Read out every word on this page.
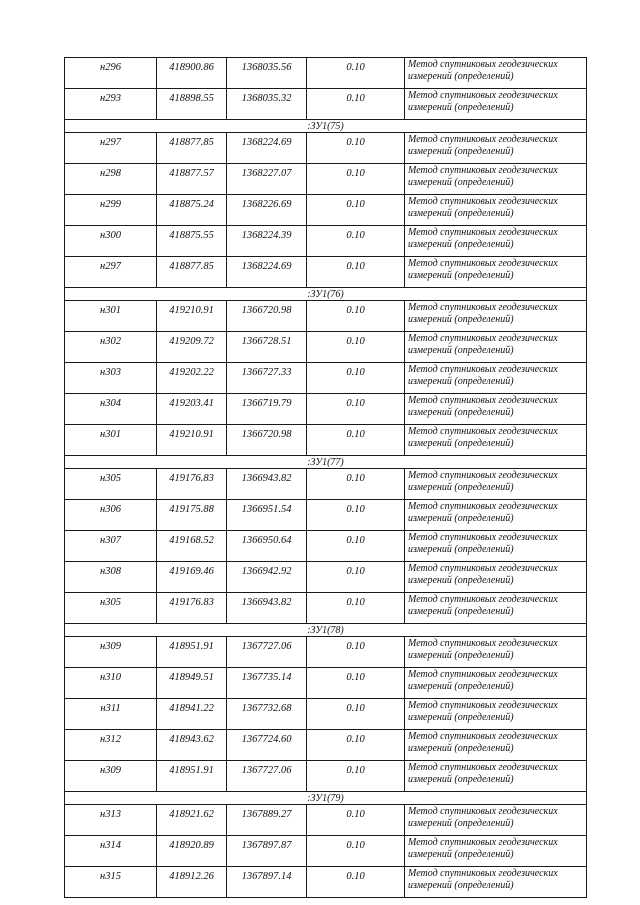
н296	418900.86	1368035.56	0.10	Метод спутниковых геодезических
измерений (определений)

н293	418898.55	1368035.32	0.10	Метод спутниковых геодезических
измерений (определений)

:ЗУ1(75)				
н297	418877.85	1368224.69	0.10	Метод спутниковых геодезических
измерений (определений)

н298	418877.57	1368227.07	0.10	Метод спутниковых геодезических
измерений (определений)

н299	418875.24	1368226.69	0.10	Метод спутниковых геодезических
измерений (определений)

н300	418875.55	1368224.39	0.10	Метод спутниковых геодезических
измерений (определений)

н297	418877.85	1368224.69	0.10	Метод спутниковых геодезических
измерений (определений)

:ЗУ1(76)				
н301	419210.91	1366720.98	0.10	Метод спутниковых геодезических
измерений (определений)

н302	419209.72	1366728.51	0.10	Метод спутниковых геодезических
измерений (определений)

н303	419202.22	1366727.33	0.10	Метод спутниковых геодезических
измерений (определений)

н304	419203.41	1366719.79	0.10	Метод спутниковых геодезических
измерений (определений)

н301	419210.91	1366720.98	0.10	Метод спутниковых геодезических
измерений (определений)

:ЗУ1(77)				
н305	419176.83	1366943.82	0.10	Метод спутниковых геодезических
измерений (определений)

н306	419175.88	1366951.54	0.10	Метод спутниковых геодезических
измерений (определений)

н307	419168.52	1366950.64	0.10	Метод спутниковых геодезических
измерений (определений)

н308	419169.46	1366942.92	0.10	Метод спутниковых геодезических
измерений (определений)

н305	419176.83	1366943.82	0.10	Метод спутниковых геодезических
измерений (определений)

:ЗУ1(78)				
н309	418951.91	1367727.06	0.10	Метод спутниковых геодезических
измерений (определений)

н310	418949.51	1367735.14	0.10	Метод спутниковых геодезических
измерений (определений)

н311	418941.22	1367732.68	0.10	Метод спутниковых геодезических
измерений (определений)

н312	418943.62	1367724.60	0.10	Метод спутниковых геодезических
измерений (определений)

н309	418951.91	1367727.06	0.10	Метод спутниковых геодезических
измерений (определений)

:ЗУ1(79)				
н313	418921.62	1367889.27	0.10	Метод спутниковых геодезических
измерений (определений)

н314	418920.89	1367897.87	0.10	Метод спутниковых геодезических
измерений (определений)

н315	418912.26	1367897.14	0.10	Метод спутниковых геодезических
измерений (определений)
